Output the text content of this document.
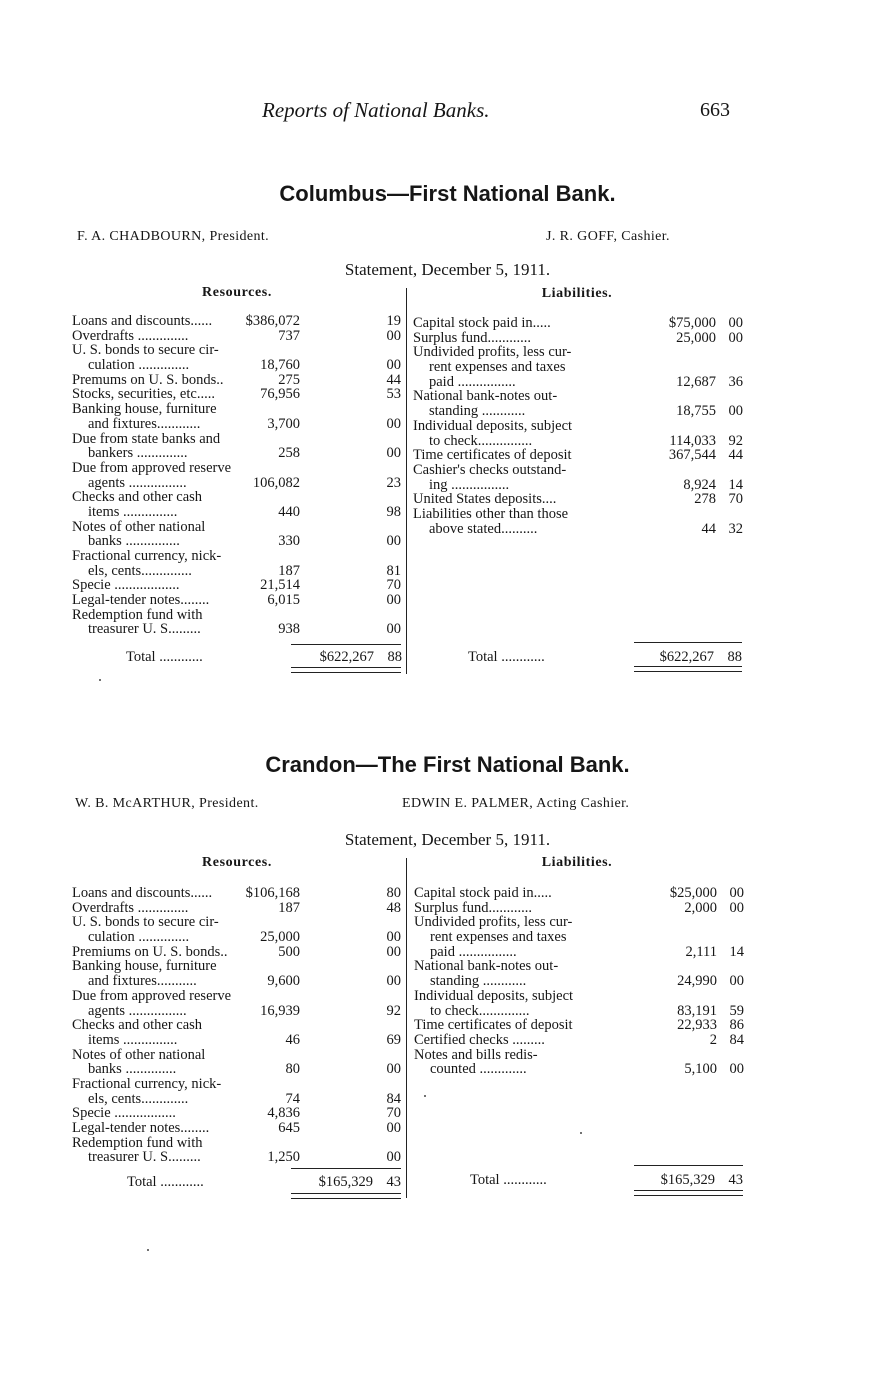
Reports of National Banks.	663
Columbus—First National Bank.
F. A. CHADBOURN, President.	J. R. GOFF, Cashier.
Statement, December 5, 1911.
Resources.	Liabilities.
Loans and discounts...... $386,072	19
Overdrafts ..............	737	00
U. S. bonds to secure cir-
culation ..............	18,760	00
Premums on U. S. bonds..	275	44
Stocks, securities, etc.....	76,956	53
Banking house, furniture
and fixtures............	3,700	00
Due from state banks and
bankers ..............	258	00
Due from approved reserve
agents ................	106,082	23
Checks and other cash
items ...............	440	98
Notes of other national
banks ...............	330	00
Fractional currency, nick-
els, cents..............	187	81
Specie ..................	21,514	70
Legal-tender notes........	6,015	00
Redemption fund with
treasurer U. S.........	938	00
Capital stock paid in.....	$75,000 00
Surplus fund............	25,000 00
Undivided profits, less cur-
rent expenses and taxes
paid ................	12,687 36
National bank-notes out-
standing ............	18,755 00
Individual deposits, subject
to check...............	114,033 92
Time certificates of deposit	367,544 44
Cashier's checks outstand-
ing ................	8,924 14
United States deposits....	278 70
Liabilities other than those
above stated..........	44 32
Total ............	$622,267 88	Total ............	$622,267 88
Crandon—The First National Bank.
W. B. McARTHUR, President.	EDWIN E. PALMER, Acting Cashier.
Statement, December 5, 1911.
Resources.	Liabilities.
Loans and discounts...... $106,168	80
Overdrafts ..............	187	48
U. S. bonds to secure cir-
culation ..............	25,000	00
Premiums on U. S. bonds..	500	00
Banking house, furniture
and fixtures...........	9,600	00
Due from approved reserve
agents ................	16,939	92
Checks and other cash
items ...............	46	69
Notes of other national
banks ..............	80	00
Fractional currency, nick-
els, cents.............	74	84
Specie .................	4,836	70
Legal-tender notes........	645	00
Redemption fund with
treasurer U. S.........	1,250	00
Capital stock paid in.....	$25,000 00
Surplus fund............	2,000 00
Undivided profits, less cur-
rent expenses and taxes
paid ................	2,111 14
National bank-notes out-
standing ............	24,990 00
Individual deposits, subject
to check..............	83,191 59
Time certificates of deposit	22,933 86
Certified checks .........	2 84
Notes and bills redis-
counted .............	5,100 00
Total ............	$165,329 43	Total ............	$165,329 43
